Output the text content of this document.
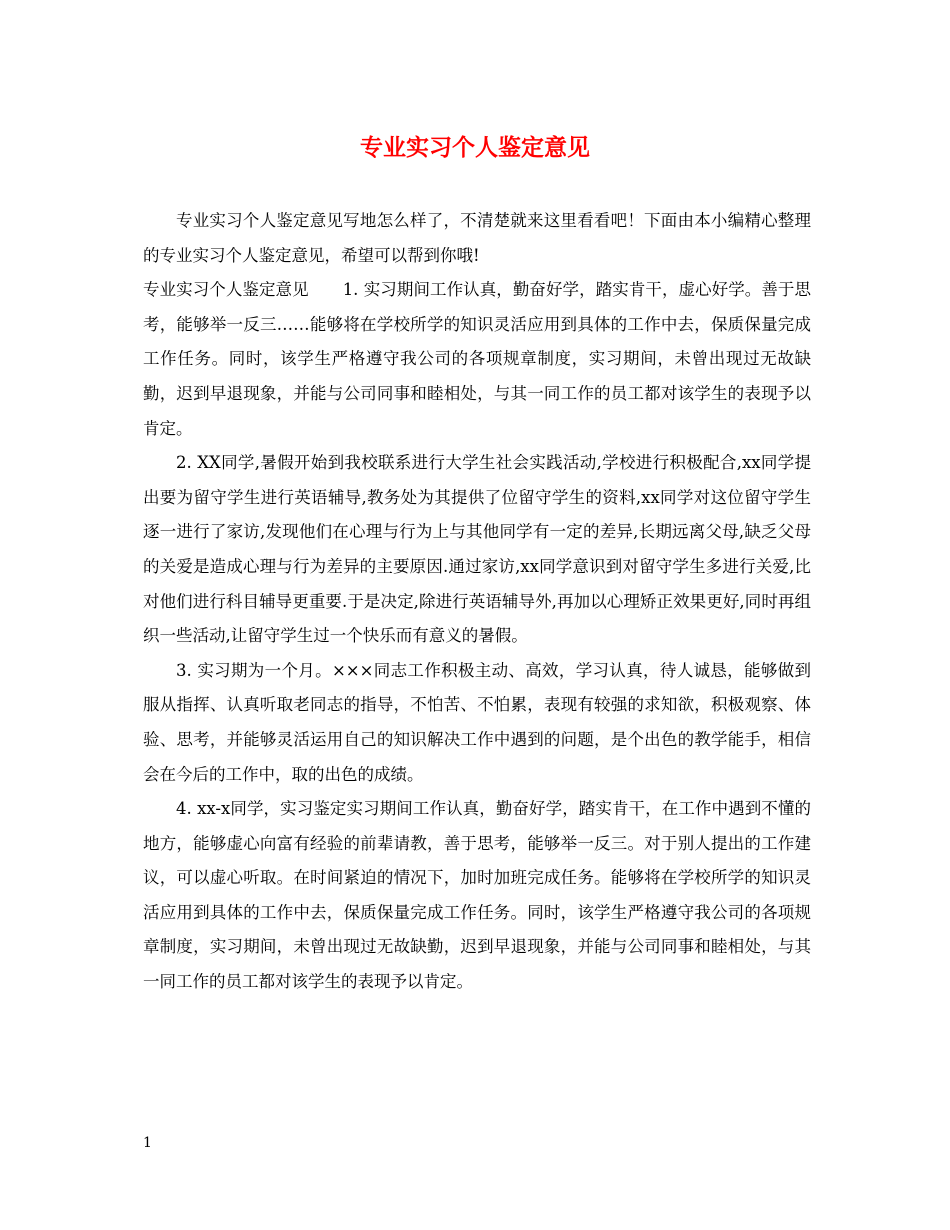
专业实习个人鉴定意见

专业实习个人鉴定意见写地怎么样了，不清楚就来这里看看吧！下面由本小编精心整理的专业实习个人鉴定意见，希望可以帮到你哦!

专业实习个人鉴定意见 1. 实习期间工作认真，勤奋好学，踏实肯干，虚心好学。善于思考，能够举一反三……能够将在学校所学的知识灵活应用到具体的工作中去，保质保量完成工作任务。同时，该学生严格遵守我公司的各项规章制度，实习期间，未曾出现过无故缺勤，迟到早退现象，并能与公司同事和睦相处，与其一同工作的员工都对该学生的表现予以肯定。

2. XX同学,暑假开始到我校联系进行大学生社会实践活动,学校进行积极配合,xx同学提出要为留守学生进行英语辅导,教务处为其提供了位留守学生的资料,xx同学对这位留守学生逐一进行了家访,发现他们在心理与行为上与其他同学有一定的差异,长期远离父母,缺乏父母的关爱是造成心理与行为差异的主要原因.通过家访,xx同学意识到对留守学生多进行关爱,比对他们进行科目辅导更重要.于是决定,除进行英语辅导外,再加以心理矫正效果更好,同时再组织一些活动,让留守学生过一个快乐而有意义的暑假。

3. 实习期为一个月。×××同志工作积极主动、高效，学习认真，待人诚恳，能够做到服从指挥、认真听取老同志的指导，不怕苦、不怕累，表现有较强的求知欲，积极观察、体验、思考，并能够灵活运用自己的知识解决工作中遇到的问题，是个出色的教学能手，相信会在今后的工作中，取的出色的成绩。

4. xx-x同学，实习鉴定实习期间工作认真，勤奋好学，踏实肯干，在工作中遇到不懂的地方，能够虚心向富有经验的前辈请教，善于思考，能够举一反三。对于别人提出的工作建议，可以虚心听取。在时间紧迫的情况下，加时加班完成任务。能够将在学校所学的知识灵活应用到具体的工作中去，保质保量完成工作任务。同时，该学生严格遵守我公司的各项规章制度，实习期间，未曾出现过无故缺勤，迟到早退现象，并能与公司同事和睦相处，与其一同工作的员工都对该学生的表现予以肯定。

1
